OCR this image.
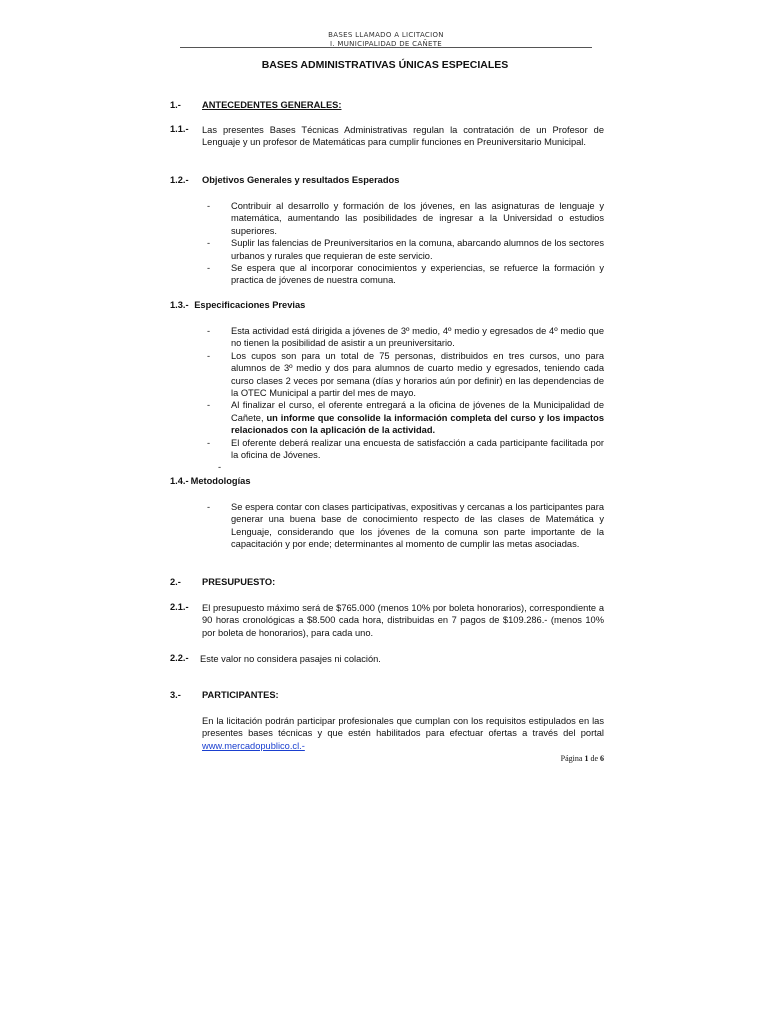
BASES LLAMADO A LICITACION
I. MUNICIPALIDAD DE CAÑETE
BASES ADMINISTRATIVAS ÚNICAS ESPECIALES
1.- ANTECEDENTES GENERALES:
1.1.- Las presentes Bases Técnicas Administrativas regulan la contratación de un Profesor de Lenguaje y un profesor de Matemáticas para cumplir funciones en Preuniversitario Municipal.
1.2.- Objetivos Generales y resultados Esperados
- Contribuir al desarrollo y formación de los jóvenes, en las asignaturas de lenguaje y matemática, aumentando las posibilidades de ingresar a la Universidad o estudios superiores.
- Suplir las falencias de Preuniversitarios en la comuna, abarcando alumnos de los sectores urbanos y rurales que requieran de este servicio.
- Se espera que al incorporar conocimientos y experiencias, se refuerce la formación y practica de jóvenes de nuestra comuna.
1.3.- Especificaciones Previas
- Esta actividad está dirigida a jóvenes de 3º medio, 4º medio y egresados de 4º medio que no tienen la posibilidad de asistir a un preuniversitario.
- Los cupos son para un total de 75 personas, distribuidos en tres cursos, uno para alumnos de 3º medio y dos para alumnos de cuarto medio y egresados, teniendo cada curso clases 2 veces por semana (días y horarios aún por definir) en las dependencias de la OTEC Municipal a partir del mes de mayo.
- Al finalizar el curso, el oferente entregará a la oficina de jóvenes de la Municipalidad de Cañete, un informe que consolide la información completa del curso y los impactos relacionados con la aplicación de la actividad.
- El oferente deberá realizar una encuesta de satisfacción a cada participante facilitada por la oficina de Jóvenes.
-
1.4.- Metodologías
- Se espera contar con clases participativas, expositivas y cercanas a los participantes para generar una buena base de conocimiento respecto de las clases de Matemática y Lenguaje, considerando que los jóvenes de la comuna son parte importante de la capacitación y por ende; determinantes al momento de cumplir las metas asociadas.
2.- PRESUPUESTO:
2.1.- El presupuesto máximo será de $765.000 (menos 10% por boleta honorarios), correspondiente a 90 horas cronológicas a $8.500 cada hora, distribuidas en 7 pagos de $109.286.- (menos 10% por boleta de honorarios), para cada uno.
2.2.- Este valor no considera pasajes ni colación.
3.- PARTICIPANTES:
En la licitación podrán participar profesionales que cumplan con los requisitos estipulados en las presentes bases técnicas y que estén habilitados para efectuar ofertas a través del portal www.mercadopublico.cl.-
Página 1 de 6
